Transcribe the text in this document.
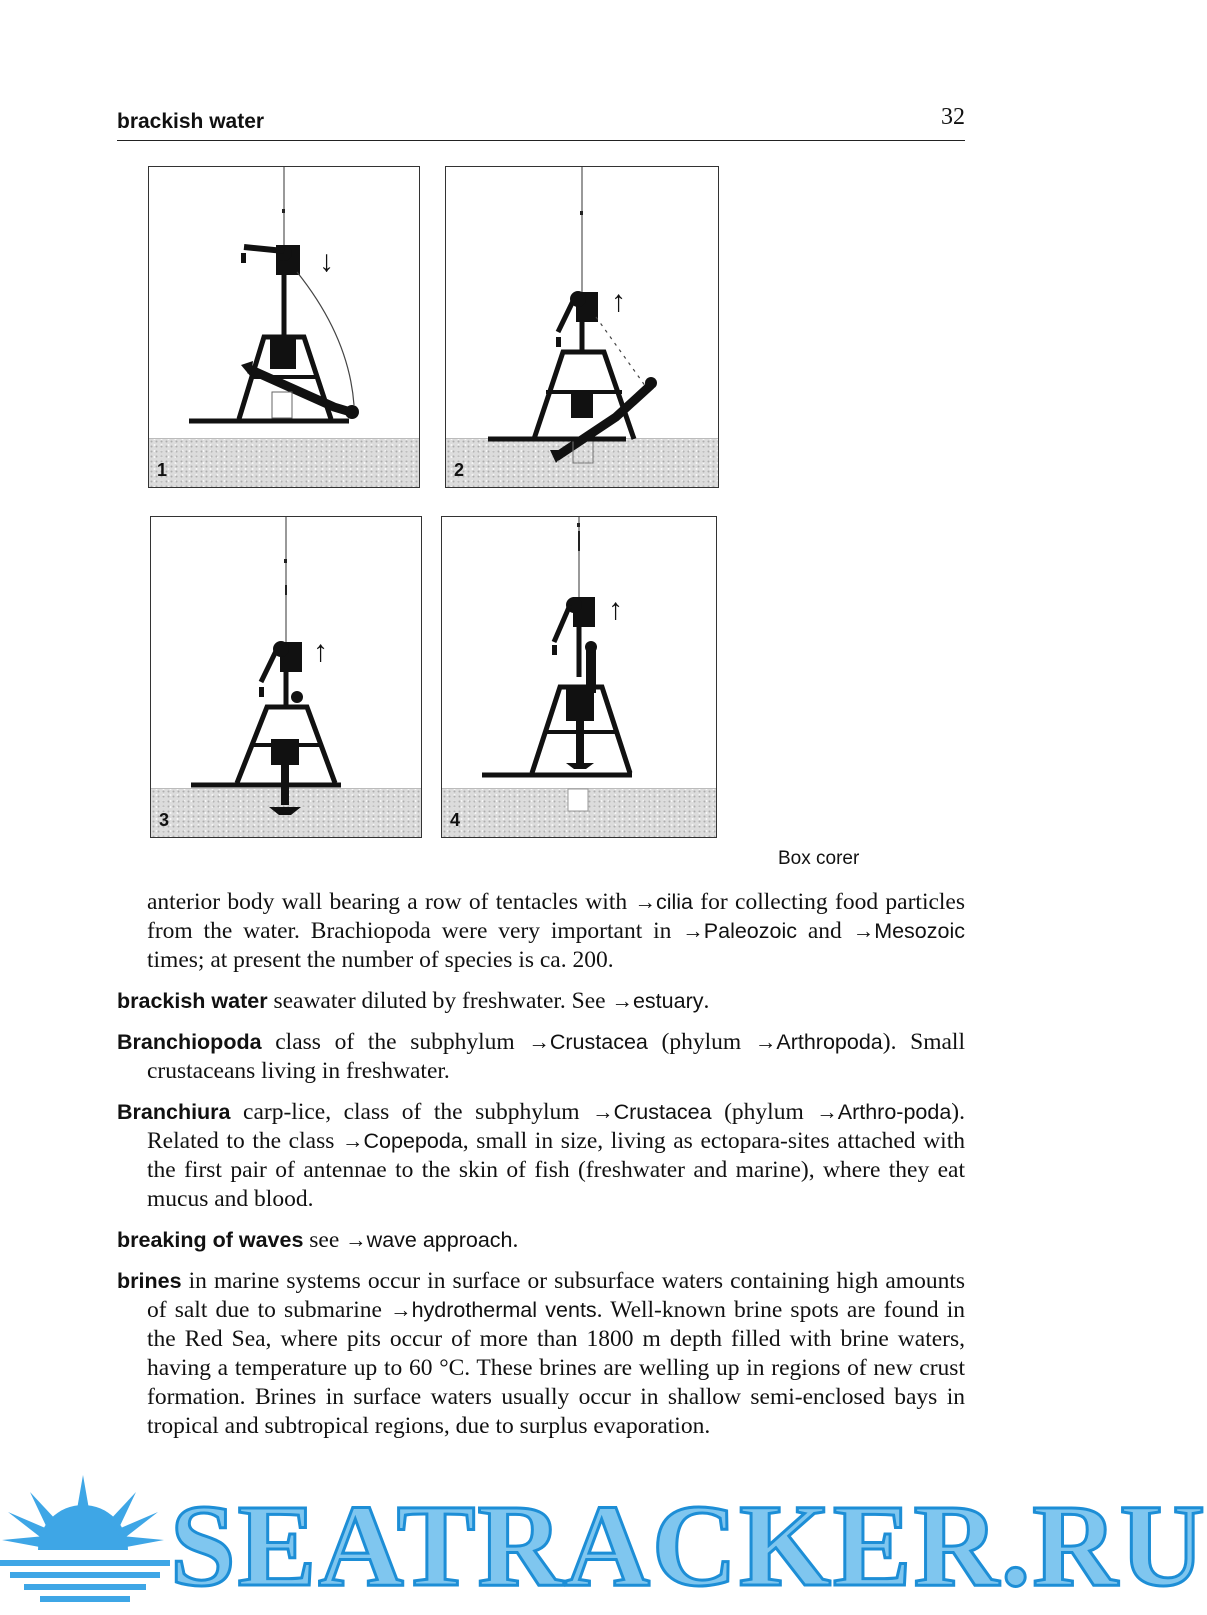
brackish water	32
1
↓
2
↑
3
↑
4
↑
Box corer

anterior body wall bearing a row of tentacles with →cilia for collecting food particles from the water. Brachiopoda were very important in →Paleozoic and →Mesozoic times; at present the number of species is ca. 200.

brackish water seawater diluted by freshwater. See →estuary.

Branchiopoda class of the subphylum →Crustacea (phylum →Arthropoda). Small crustaceans living in freshwater.

Branchiura carp-lice, class of the subphylum →Crustacea (phylum →Arthro-poda). Related to the class →Copepoda, small in size, living as ectopara-sites attached with the first pair of antennae to the skin of fish (freshwater and marine), where they eat mucus and blood.

breaking of waves see →wave approach.

brines in marine systems occur in surface or subsurface waters containing high amounts of salt due to submarine →hydrothermal vents. Well-known brine spots are found in the Red Sea, where pits occur of more than 1800 m depth filled with brine waters, having a temperature up to 60 °C. These brines are welling up in regions of new crust formation. Brines in surface waters usually occur in shallow semi-enclosed bays in tropical and subtropical regions, due to surplus evaporation.

SEATRACKER.RU
